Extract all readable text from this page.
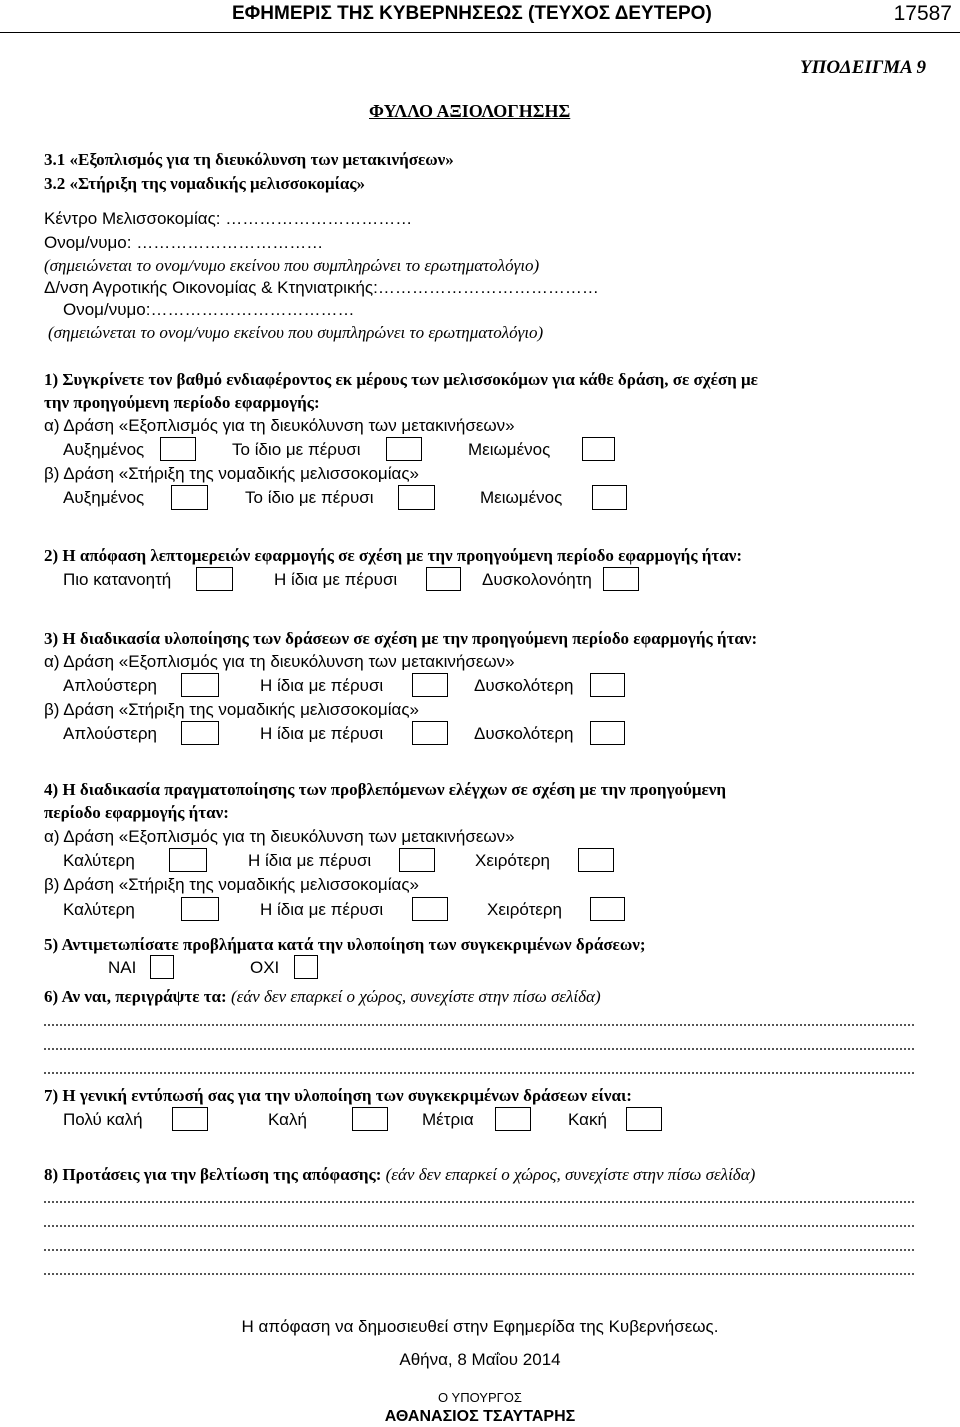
ΕΦΗΜΕΡΙΣ ΤΗΣ ΚΥΒΕΡΝΗΣΕΩΣ (ΤΕΥΧΟΣ ΔΕΥΤΕΡΟ)	17587
ΥΠΟΔΕΙΓΜΑ 9
ΦΥΛΛΟ ΑΞΙΟΛΟΓΗΣΗΣ
3.1 «Εξοπλισμός για τη διευκόλυνση των μετακινήσεων»
3.2 «Στήριξη της νομαδικής μελισσοκομίας»
Κέντρο Μελισσοκομίας: ……………………………
Ονομ/νυμο: ……………………………
(σημειώνεται το ονομ/νυμο εκείνου που συμπληρώνει το ερωτηματολόγιο)
Δ/νση Αγροτικής Οικονομίας & Κτηνιατρικής:…………………………………
Ονομ/νυμο:………………………………
(σημειώνεται το ονομ/νυμο εκείνου που συμπληρώνει το ερωτηματολόγιο)
1) Συγκρίνετε τον βαθμό ενδιαφέροντος εκ μέρους των μελισσοκόμων για κάθε δράση, σε σχέση με
την προηγούμενη περίοδο εφαρμογής:
α) Δράση «Εξοπλισμός για τη διευκόλυνση των μετακινήσεων»
Αυξημένος	Το ίδιο με πέρυσι	Μειωμένος
β) Δράση «Στήριξη της νομαδικής μελισσοκομίας»
Αυξημένος	Το ίδιο με πέρυσι	Μειωμένος
2) Η απόφαση λεπτομερειών εφαρμογής σε σχέση με την προηγούμενη περίοδο εφαρμογής ήταν:
Πιο κατανοητή	Η ίδια με πέρυσι	Δυσκολονόητη
3) Η διαδικασία υλοποίησης των δράσεων σε σχέση με την προηγούμενη περίοδο εφαρμογής ήταν:
α) Δράση «Εξοπλισμός για τη διευκόλυνση των μετακινήσεων»
Απλούστερη	Η ίδια με πέρυσι	Δυσκολότερη
β) Δράση «Στήριξη της νομαδικής μελισσοκομίας»
Απλούστερη	Η ίδια με πέρυσι	Δυσκολότερη
4) Η διαδικασία πραγματοποίησης των προβλεπόμενων ελέγχων σε σχέση με την προηγούμενη
περίοδο εφαρμογής ήταν:
α) Δράση «Εξοπλισμός για τη διευκόλυνση των μετακινήσεων»
Καλύτερη	Η ίδια με πέρυσι	Χειρότερη
β) Δράση «Στήριξη της νομαδικής μελισσοκομίας»
Καλύτερη	Η ίδια με πέρυσι	Χειρότερη
5) Αντιμετωπίσατε προβλήματα κατά την υλοποίηση των συγκεκριμένων δράσεων;
ΝΑΙ	ΟΧΙ
6) Αν ναι, περιγράψτε τα: (εάν δεν επαρκεί ο χώρος, συνεχίστε στην πίσω σελίδα)
7) Η γενική εντύπωσή σας για την υλοποίηση των συγκεκριμένων δράσεων είναι:
Πολύ καλή	Καλή	Μέτρια	Κακή
8) Προτάσεις για την βελτίωση της απόφασης: (εάν δεν επαρκεί ο χώρος, συνεχίστε στην πίσω σελίδα)
Η απόφαση να δημοσιευθεί στην Εφημερίδα της Κυβερνήσεως.
Αθήνα, 8 Μαΐου 2014
Ο ΥΠΟΥΡΓΟΣ
ΑΘΑΝΑΣΙΟΣ ΤΣΑΥΤΑΡΗΣ
